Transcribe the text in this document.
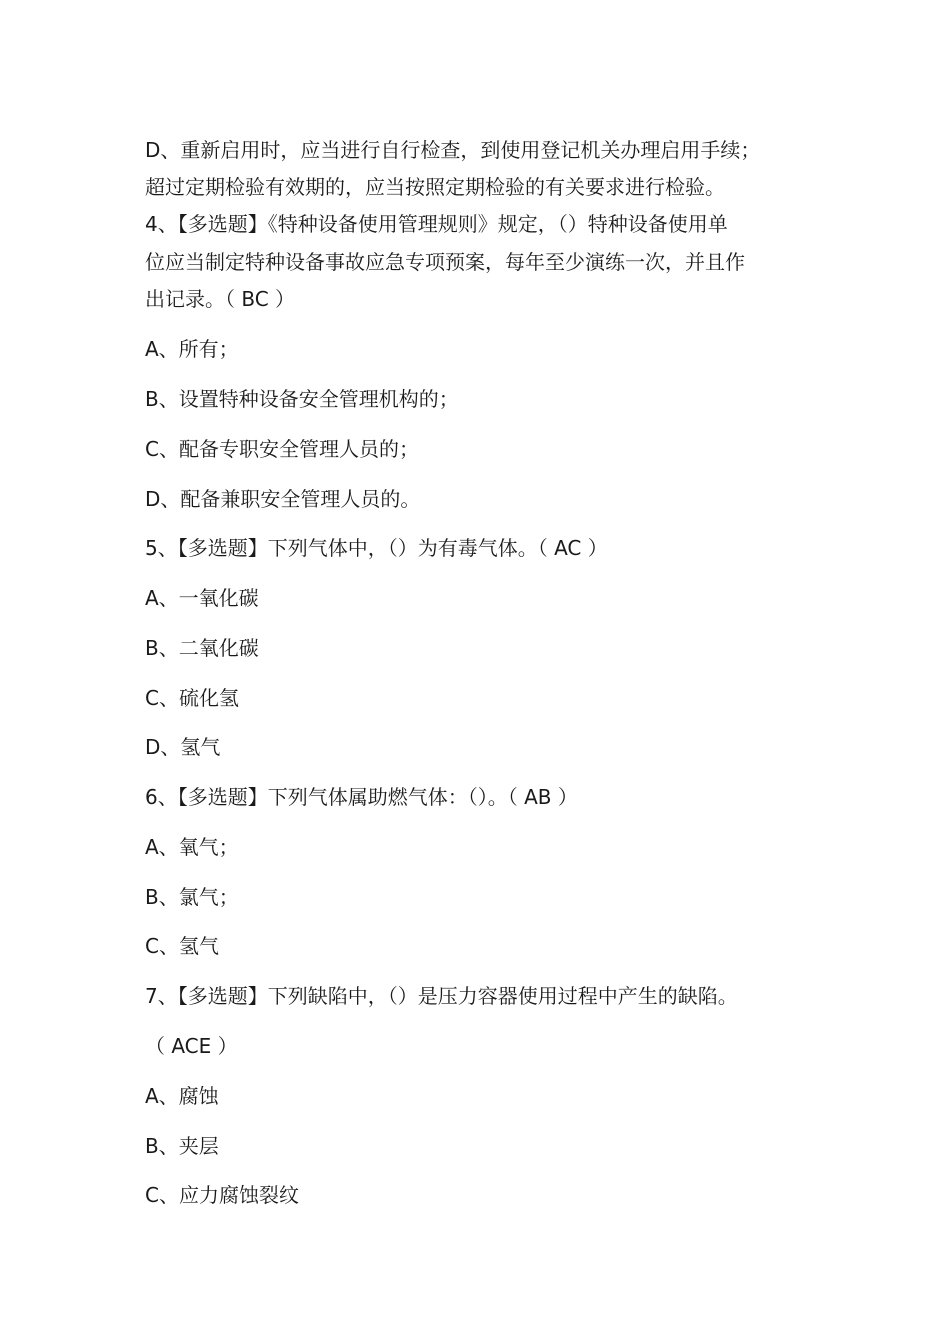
D、重新启用时，应当进行自行检查，到使用登记机关办理启用手续；
超过定期检验有效期的，应当按照定期检验的有关要求进行检验。
4、【多选题】《特种设备使用管理规则》规定，（）特种设备使用单
位应当制定特种设备事故应急专项预案，每年至少演练一次，并且作
出记录。（ BC ）
A、所有；
B、设置特种设备安全管理机构的；
C、配备专职安全管理人员的；
D、配备兼职安全管理人员的。
5、【多选题】下列气体中，（）为有毒气体。（ AC ）
A、一氧化碳
B、二氧化碳
C、硫化氢
D、氢气
6、【多选题】下列气体属助燃气体：（）。（ AB ）
A、氧气；
B、氯气；
C、氢气
7、【多选题】下列缺陷中，（）是压力容器使用过程中产生的缺陷。
（ ACE ）
A、腐蚀
B、夹层
C、应力腐蚀裂纹
